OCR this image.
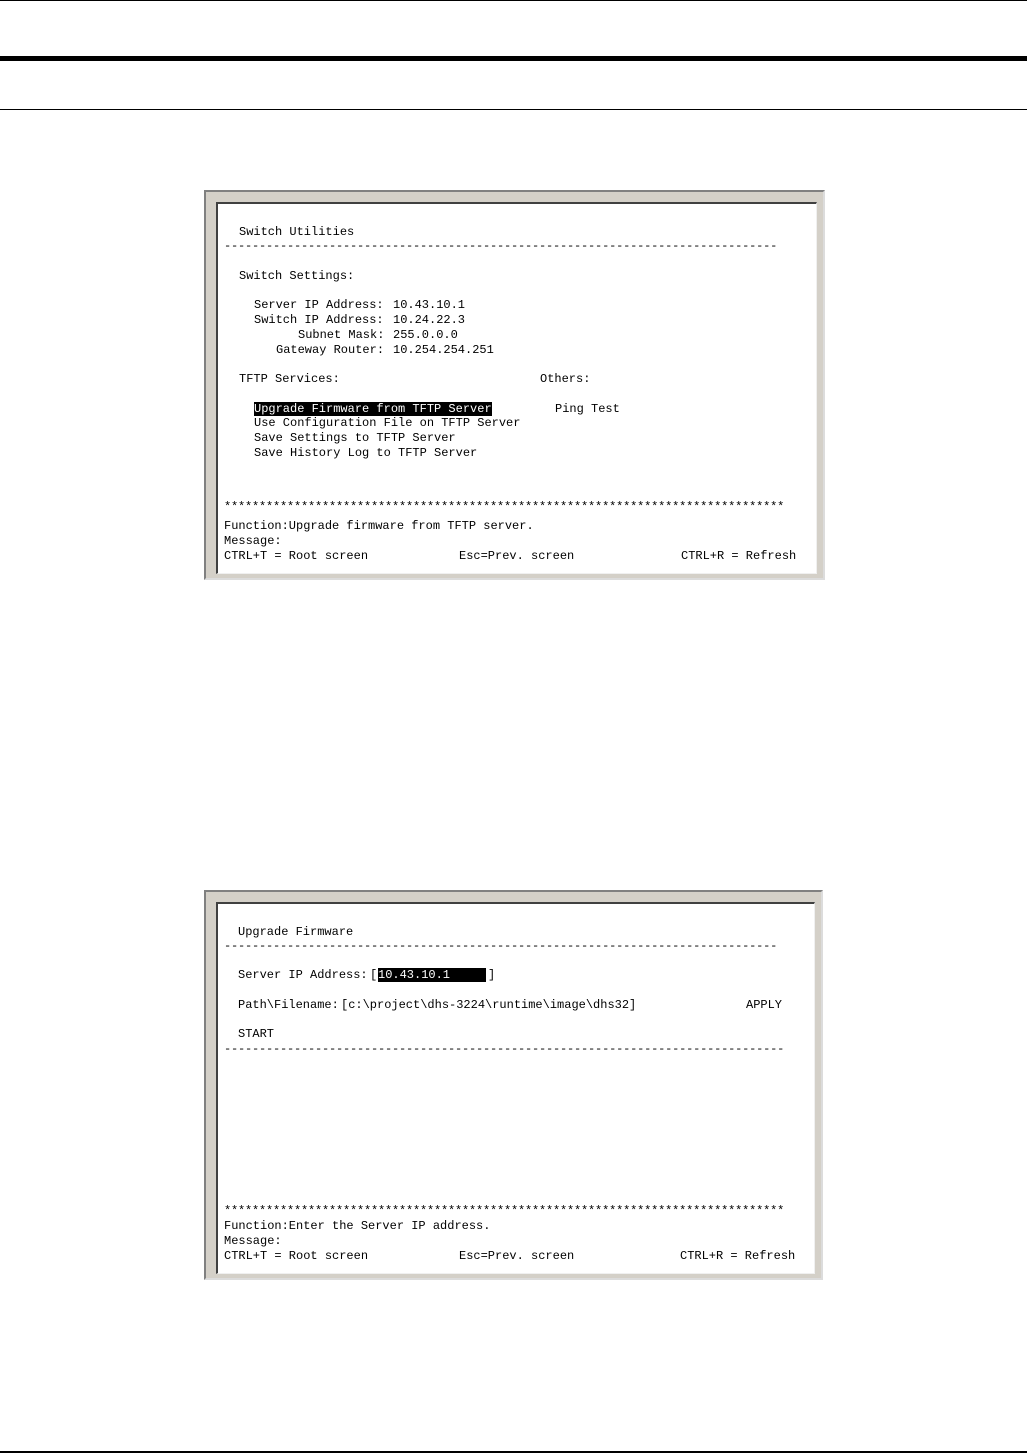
Switch Utilities
-------------------------------------------------------------------------------
Switch Settings:
Server IP Address: 10.43.10.1
Switch IP Address: 10.24.22.3
Subnet Mask: 255.0.0.0
Gateway Router: 10.254.254.251
TFTP Services:	Others:
Upgrade Firmware from TFTP Server	Ping Test
Use Configuration File on TFTP Server
Save Settings to TFTP Server
Save History Log to TFTP Server
********************************************************************************
Function:Upgrade firmware from TFTP server.
Message:
CTRL+T = Root screen	Esc=Prev. screen	CTRL+R = Refresh
Upgrade Firmware
-------------------------------------------------------------------------------
Server IP Address: [ 10.43.10.1 ]
Path\Filename: [c:\project\dhs-3224\runtime\image\dhs32]	APPLY
START
--------------------------------------------------------------------------------
********************************************************************************
Function:Enter the Server IP address.
Message:
CTRL+T = Root screen	Esc=Prev. screen	CTRL+R = Refresh
